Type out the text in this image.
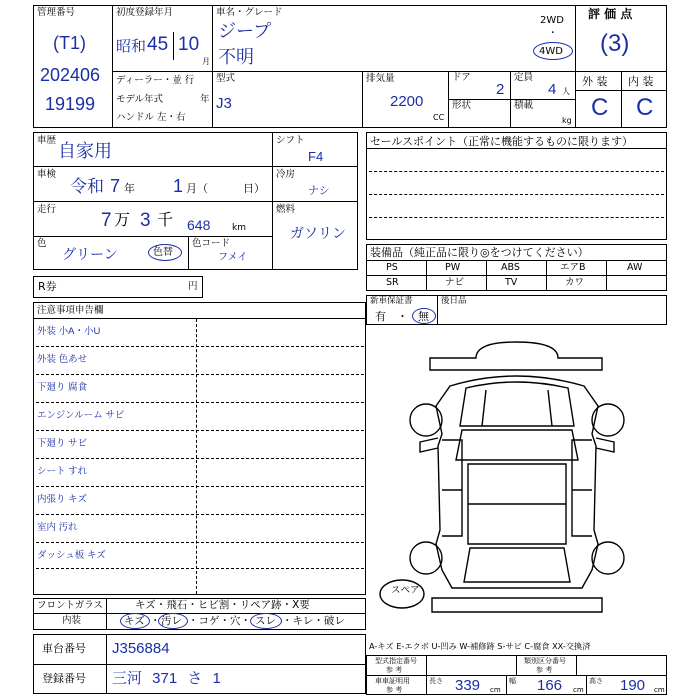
管理番号
(T1)
202406
19199
初度登録年月
昭和 45 10
月
ディーラー・並 行
モデル年式	年
ハンドル 左・右
車名・グレード
ジープ
不明
2WD
・
4WD
型式
J3
排気量
2200
CC
ドア
2
形状
定員
4 人
積載
kg
評 価 点
(3)
外 装 内 装
C C
車歴
自家用
車検
令和 7 年 1 月（	日）
走行
7 万 3 千 648 km
色
グリーン	色替
色コード
フメイ
シフト
F4
冷房
ナシ
燃料
ガソリン
R券	円
セールスポイント（正常に機能するものに限ります）
装備品（純正品に限り◎をつけてください）
PS	PW	ABS	エアB	AW
SR	ナビ	TV	カワ
新車保証書
有 ・ 無
後日品
注意事項申告欄
外装 小A・小U
外装 色あせ
下廻り 腐食
エンジンルーム サビ
下廻り サビ
シート すれ
内張り キズ
室内 汚れ
ダッシュ板 キズ
スペア
A-キズ E-エクボ U-凹み W-補修跡 S-サビ C-腐食 XX-交換済
フロントガラス	キズ・飛石・ヒビ割・リペア跡・X要
内装	キズ ・ 汚レ ・コゲ・穴・ スレ ・キレ・破レ
車台番号 J356884
登録番号 三河 371 さ 1
型式指定番号
参 考
類別区分番号
参 考
車車証明用
参 考
長さ 339 cm
幅 166 cm
高さ 190 cm
